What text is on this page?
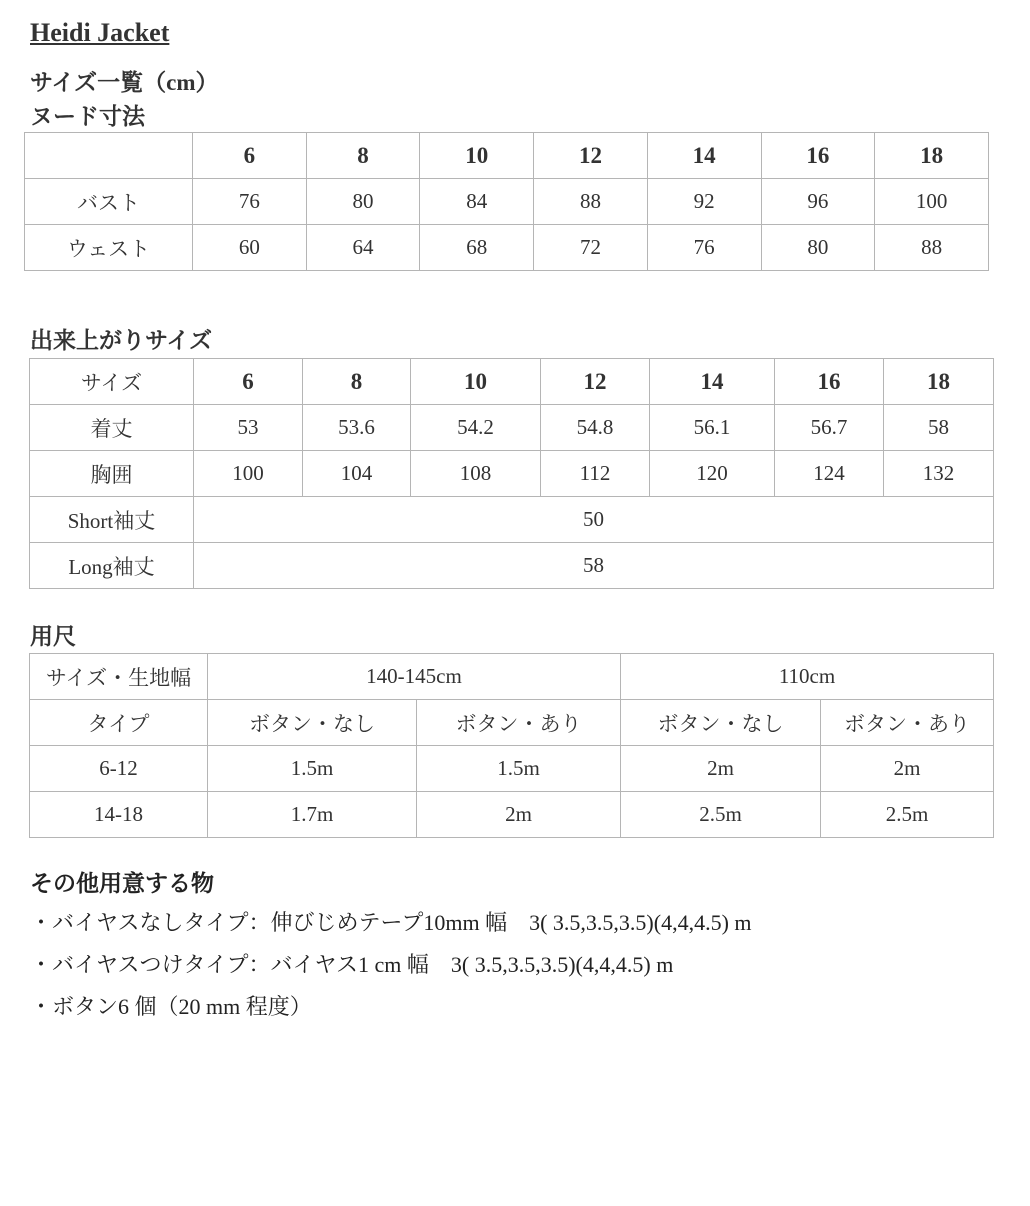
Heidi Jacket
サイズ一覧（cm）
ヌード寸法
	6	8	10	12	14	16	18
バスト	76	80	84	88	92	96	100
ウェスト	60	64	68	72	76	80	88
出来上がりサイズ
サイズ	6	8	10	12	14	16	18
着丈	53	53.6	54.2	54.8	56.1	56.7	58
胸囲	100	104	108	112	120	124	132
Short袖丈	50						
Long袖丈	58						
用尺
サイズ・生地幅	140-145cm		110cm	
タイプ	ボタン・なし	ボタン・あり	ボタン・なし	ボタン・あり
6-12	1.5m	1.5m	2m	2m
14-18	1.7m	2m	2.5m	2.5m
その他用意する物
・バイヤスなしタイプ：伸びじめテープ10mm 幅　3( 3.5,3.5,3.5)(4,4,4.5) m
・バイヤスつけタイプ：バイヤス1 cm 幅　3( 3.5,3.5,3.5)(4,4,4.5) m
・ボタン6 個（20 mm 程度）
